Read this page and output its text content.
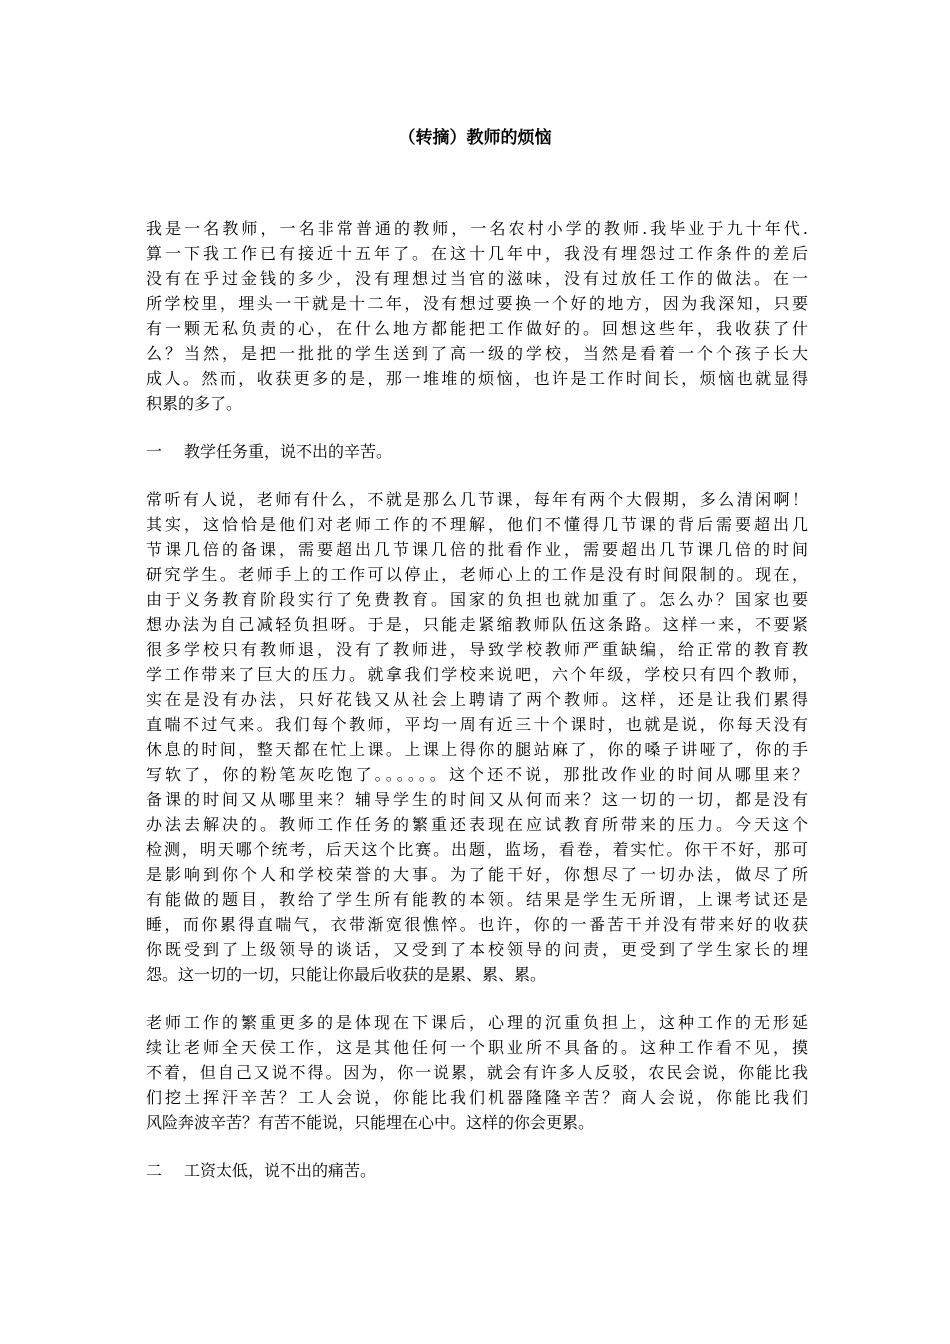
（转摘）教师的烦恼
我是一名教师，一名非常普通的教师，一名农村小学的教师.我毕业于九十年代.
算一下我工作已有接近十五年了。在这十几年中，我没有埋怨过工作条件的差后
没有在乎过金钱的多少，没有理想过当官的滋味，没有过放任工作的做法。在一
所学校里，埋头一干就是十二年，没有想过要换一个好的地方，因为我深知，只要
有一颗无私负责的心，在什么地方都能把工作做好的。回想这些年，我收获了什
么？当然，是把一批批的学生送到了高一级的学校，当然是看着一个个孩子长大
成人。然而，收获更多的是，那一堆堆的烦恼，也许是工作时间长，烦恼也就显得
积累的多了。
一 教学任务重，说不出的辛苦。
常听有人说，老师有什么，不就是那么几节课，每年有两个大假期，多么清闲啊！
其实，这恰恰是他们对老师工作的不理解，他们不懂得几节课的背后需要超出几
节课几倍的备课，需要超出几节课几倍的批看作业，需要超出几节课几倍的时间
研究学生。老师手上的工作可以停止，老师心上的工作是没有时间限制的。现在，
由于义务教育阶段实行了免费教育。国家的负担也就加重了。怎么办？国家也要
想办法为自己减轻负担呀。于是，只能走紧缩教师队伍这条路。这样一来，不要紧
很多学校只有教师退，没有了教师进，导致学校教师严重缺编，给正常的教育教
学工作带来了巨大的压力。就拿我们学校来说吧，六个年级，学校只有四个教师，
实在是没有办法，只好花钱又从社会上聘请了两个教师。这样，还是让我们累得
直喘不过气来。我们每个教师，平均一周有近三十个课时，也就是说，你每天没有
休息的时间，整天都在忙上课。上课上得你的腿站麻了，你的嗓子讲哑了，你的手
写软了，你的粉笔灰吃饱了。。。。。。这个还不说，那批改作业的时间从哪里来？
备课的时间又从哪里来？辅导学生的时间又从何而来？这一切的一切，都是没有
办法去解决的。教师工作任务的繁重还表现在应试教育所带来的压力。今天这个
检测，明天哪个统考，后天这个比赛。出题，监场，看卷，着实忙。你干不好，那可
是影响到你个人和学校荣誉的大事。为了能干好，你想尽了一切办法，做尽了所
有能做的题目，教给了学生所有能教的本领。结果是学生无所谓，上课考试还是
睡，而你累得直喘气，衣带渐宽很憔悴。也许，你的一番苦干并没有带来好的收获
你既受到了上级领导的谈话，又受到了本校领导的问责，更受到了学生家长的埋
怨。这一切的一切，只能让你最后收获的是累、累、累。
老师工作的繁重更多的是体现在下课后，心理的沉重负担上，这种工作的无形延
续让老师全天侯工作，这是其他任何一个职业所不具备的。这种工作看不见，摸
不着，但自己又说不得。因为，你一说累，就会有许多人反驳，农民会说，你能比我
们挖土挥汗辛苦？工人会说，你能比我们机器隆隆辛苦？商人会说，你能比我们
风险奔波辛苦？有苦不能说，只能埋在心中。这样的你会更累。
二 工资太低，说不出的痛苦。
